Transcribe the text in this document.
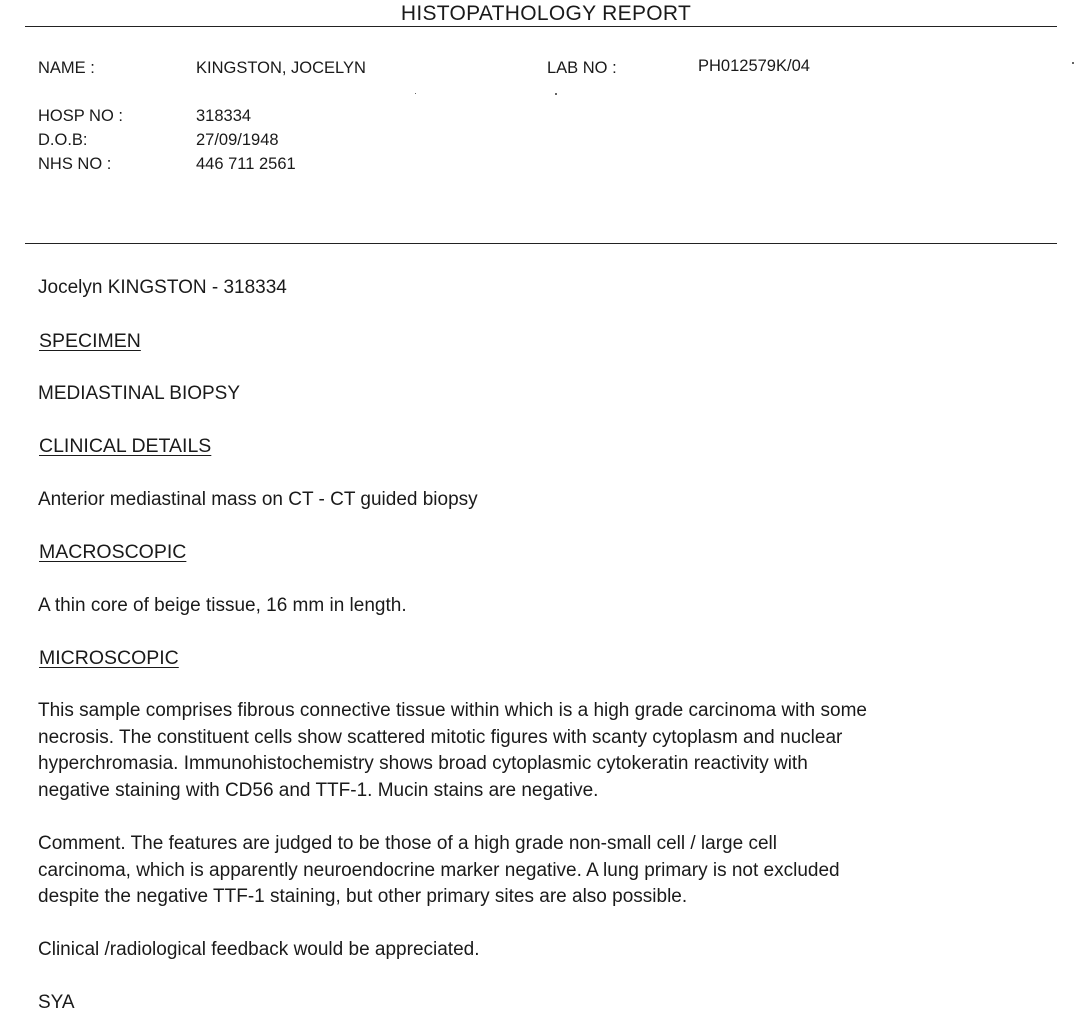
HISTOPATHOLOGY REPORT
NAME :	KINGSTON, JOCELYN	LAB NO :	PH012579K/04
HOSP NO :	318334
D.O.B:	27/09/1948
NHS NO :	446 711 2561
Jocelyn KINGSTON - 318334
SPECIMEN
MEDIASTINAL BIOPSY
CLINICAL DETAILS
Anterior mediastinal mass on CT - CT guided biopsy
MACROSCOPIC
A thin core of beige tissue, 16 mm in length.
MICROSCOPIC
This sample comprises fibrous connective tissue within which is a high grade carcinoma with some
necrosis. The constituent cells show scattered mitotic figures with scanty cytoplasm and nuclear
hyperchromasia. Immunohistochemistry shows broad cytoplasmic cytokeratin reactivity with
negative staining with CD56 and TTF-1. Mucin stains are negative.
Comment. The features are judged to be those of a high grade non-small cell / large cell
carcinoma, which is apparently neuroendocrine marker negative. A lung primary is not excluded
despite the negative TTF-1 staining, but other primary sites are also possible.
Clinical /radiological feedback would be appreciated.
SYA
